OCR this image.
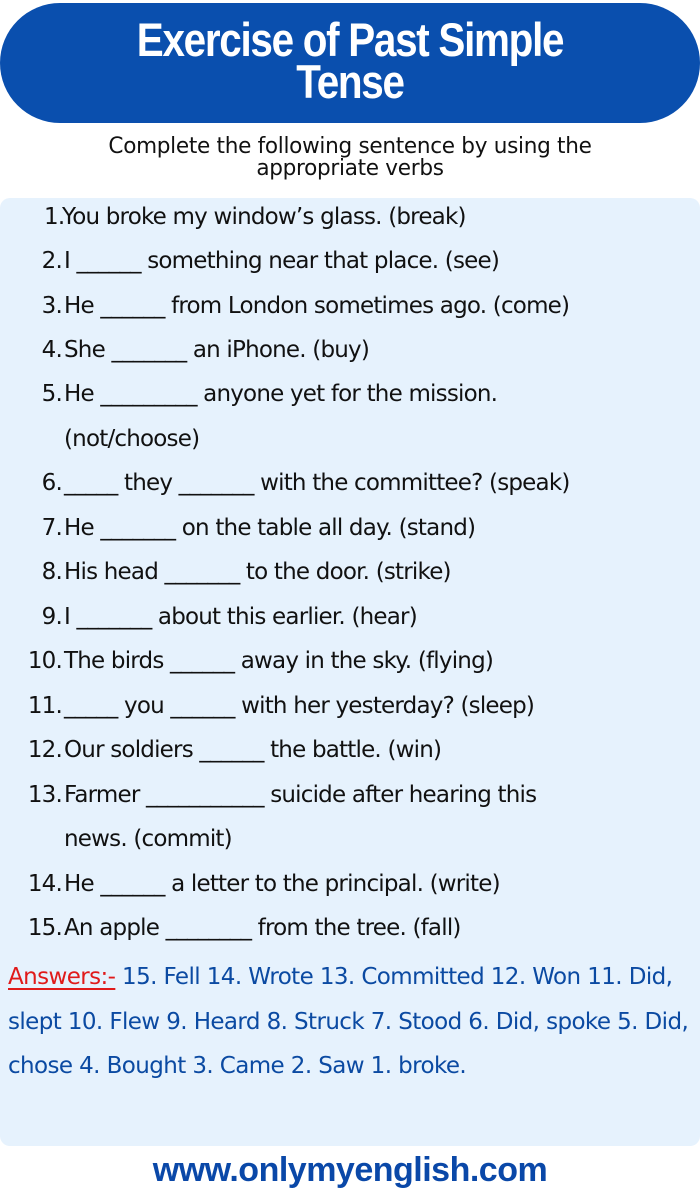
Exercise of Past Simple
Tense
Complete the following sentence by using the
appropriate verbs
1.
You broke my window’s glass. (break)
2. I ______ something near that place. (see)
3. He ______ from London sometimes ago. (come)
4. She _______ an iPhone. (buy)
5. He _________ anyone yet for the mission.
(not/choose)
6. _____ they _______ with the committee? (speak)
7. He _______ on the table all day. (stand)
8. His head _______ to the door. (strike)
9. I _______ about this earlier. (hear)
10. The birds ______ away in the sky. (flying)
11. _____ you ______ with her yesterday? (sleep)
12. Our soldiers ______ the battle. (win)
13. Farmer ___________ suicide after hearing this
news. (commit)
14. He ______ a letter to the principal. (write)
15. An apple ________ from the tree. (fall)
Answers:- 15. Fell 14. Wrote 13. Committed 12. Won 11. Did, slept 10. Flew 9. Heard 8. Struck 7. Stood 6. Did, spoke 5. Did, chose 4. Bought 3. Came 2. Saw 1. broke.
www.onlymyenglish.com
